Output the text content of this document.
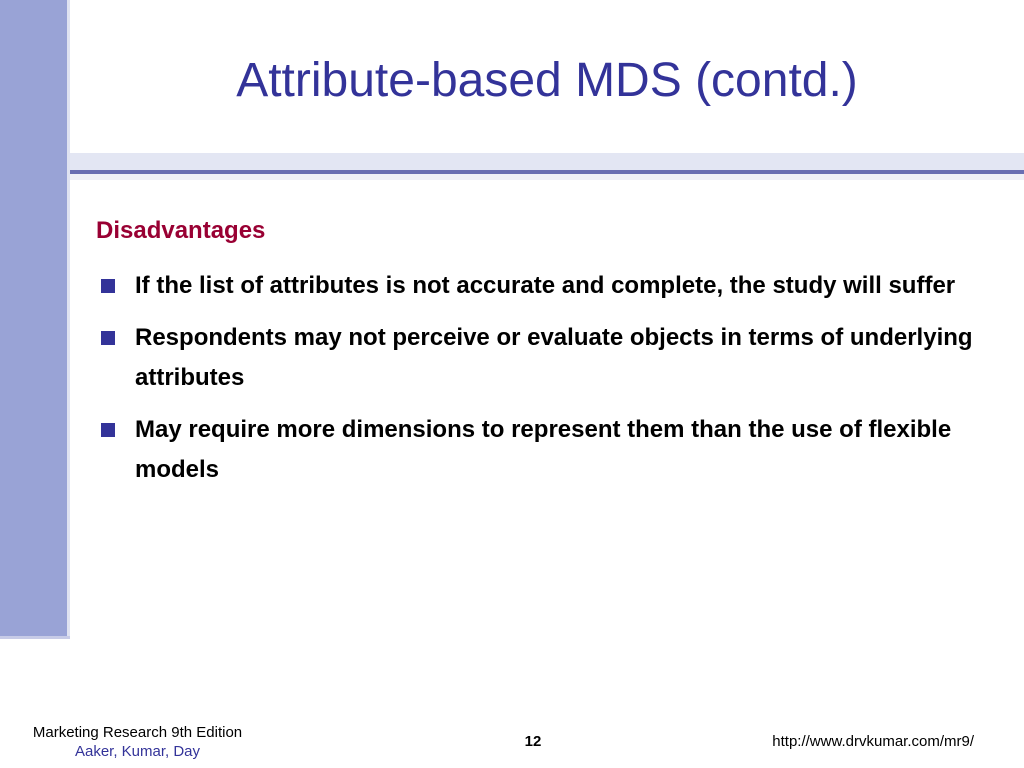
Attribute-based MDS (contd.)
Disadvantages
If the list of attributes is not accurate and complete, the study will suffer
Respondents may not perceive or evaluate objects in terms of underlying attributes
May require more dimensions to represent them than the use of flexible models
Marketing Research 9th Edition
Aaker, Kumar, Day
12	http://www.drvkumar.com/mr9/
